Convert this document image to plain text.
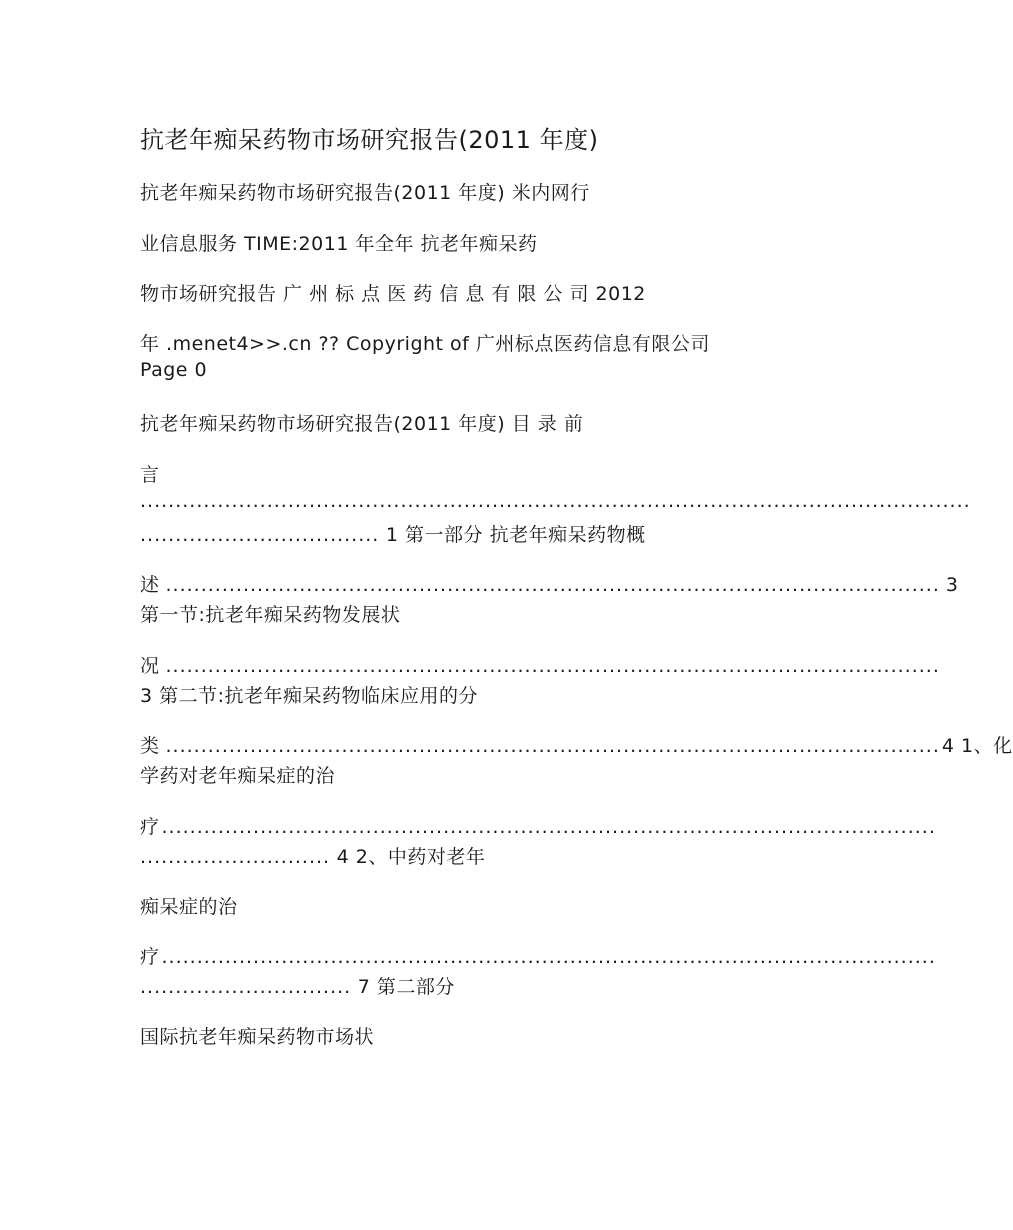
抗老年痴呆药物市场研究报告(2011 年度)
抗老年痴呆药物市场研究报告(2011 年度) 米内网行
业信息服务 TIME:2011 年全年 抗老年痴呆药
物市场研究报告 广 州 标 点 医 药 信 息 有 限 公 司 2012
年 .menet4>>.cn ?? Copyright of 广州标点医药信息有限公司
Page 0
抗老年痴呆药物市场研究报告(2011 年度) 目 录 前
言
......................................................................................................................
.................................. 1 第一部分 抗老年痴呆药物概
述 .............................................................................................................. 3
第一节:抗老年痴呆药物发展状
况 ..............................................................................................................
3 第二节:抗老年痴呆药物临床应用的分
类 .............................................................................................................. 4 1、化
学药对老年痴呆症的治
疗 ..............................................................................................................
........................... 4 2、中药对老年
痴呆症的治
疗 ..............................................................................................................
.............................. 7 第二部分
国际抗老年痴呆药物市场状
